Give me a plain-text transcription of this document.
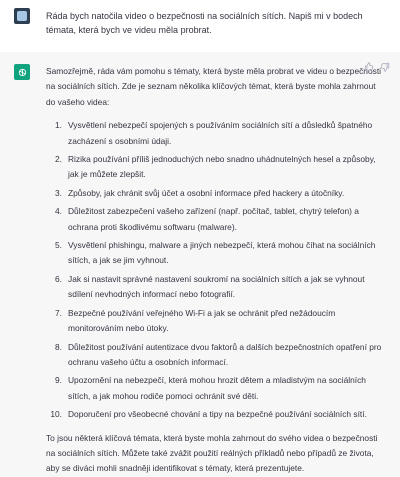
Ráda bych natočila video o bezpečnosti na sociálních sítích. Napiš mi v bodech témata, která bych ve videu měla probrat.

Samozřejmě, ráda vám pomohu s tématy, která byste měla probrat ve videu o bezpečnosti na sociálních sítích. Zde je seznam několika klíčových témat, která byste mohla zahrnout do vašeho videa:

1. Vysvětlení nebezpečí spojených s používáním sociálních sítí a důsledků špatného zacházení s osobními údaji.
2. Rizika používání příliš jednoduchých nebo snadno uhádnutelných hesel a způsoby, jak je můžete zlepšit.
3. Způsoby, jak chránit svůj účet a osobní informace před hackery a útočníky.
4. Důležitost zabezpečení vašeho zařízení (např. počítač, tablet, chytrý telefon) a ochrana proti škodlivému softwaru (malware).
5. Vysvětlení phishingu, malware a jiných nebezpečí, která mohou číhat na sociálních sítích, a jak se jim vyhnout.
6. Jak si nastavit správné nastavení soukromí na sociálních sítích a jak se vyhnout sdílení nevhodných informací nebo fotografií.
7. Bezpečné používání veřejného Wi-Fi a jak se ochránit před nežádoucím monitorováním nebo útoky.
8. Důležitost používání autentizace dvou faktorů a dalších bezpečnostních opatření pro ochranu vašeho účtu a osobních informací.
9. Upozornění na nebezpečí, která mohou hrozit dětem a mladistvým na sociálních sítích, a jak mohou rodiče pomoci ochránit své děti.
10. Doporučení pro všeobecné chování a tipy na bezpečné používání sociálních sítí.

To jsou některá klíčová témata, která byste mohla zahrnout do svého videa o bezpečnosti na sociálních sítích. Můžete také zvážit použití reálných příkladů nebo případů ze života, aby se diváci mohli snadněji identifikovat s tématy, která prezentujete.
